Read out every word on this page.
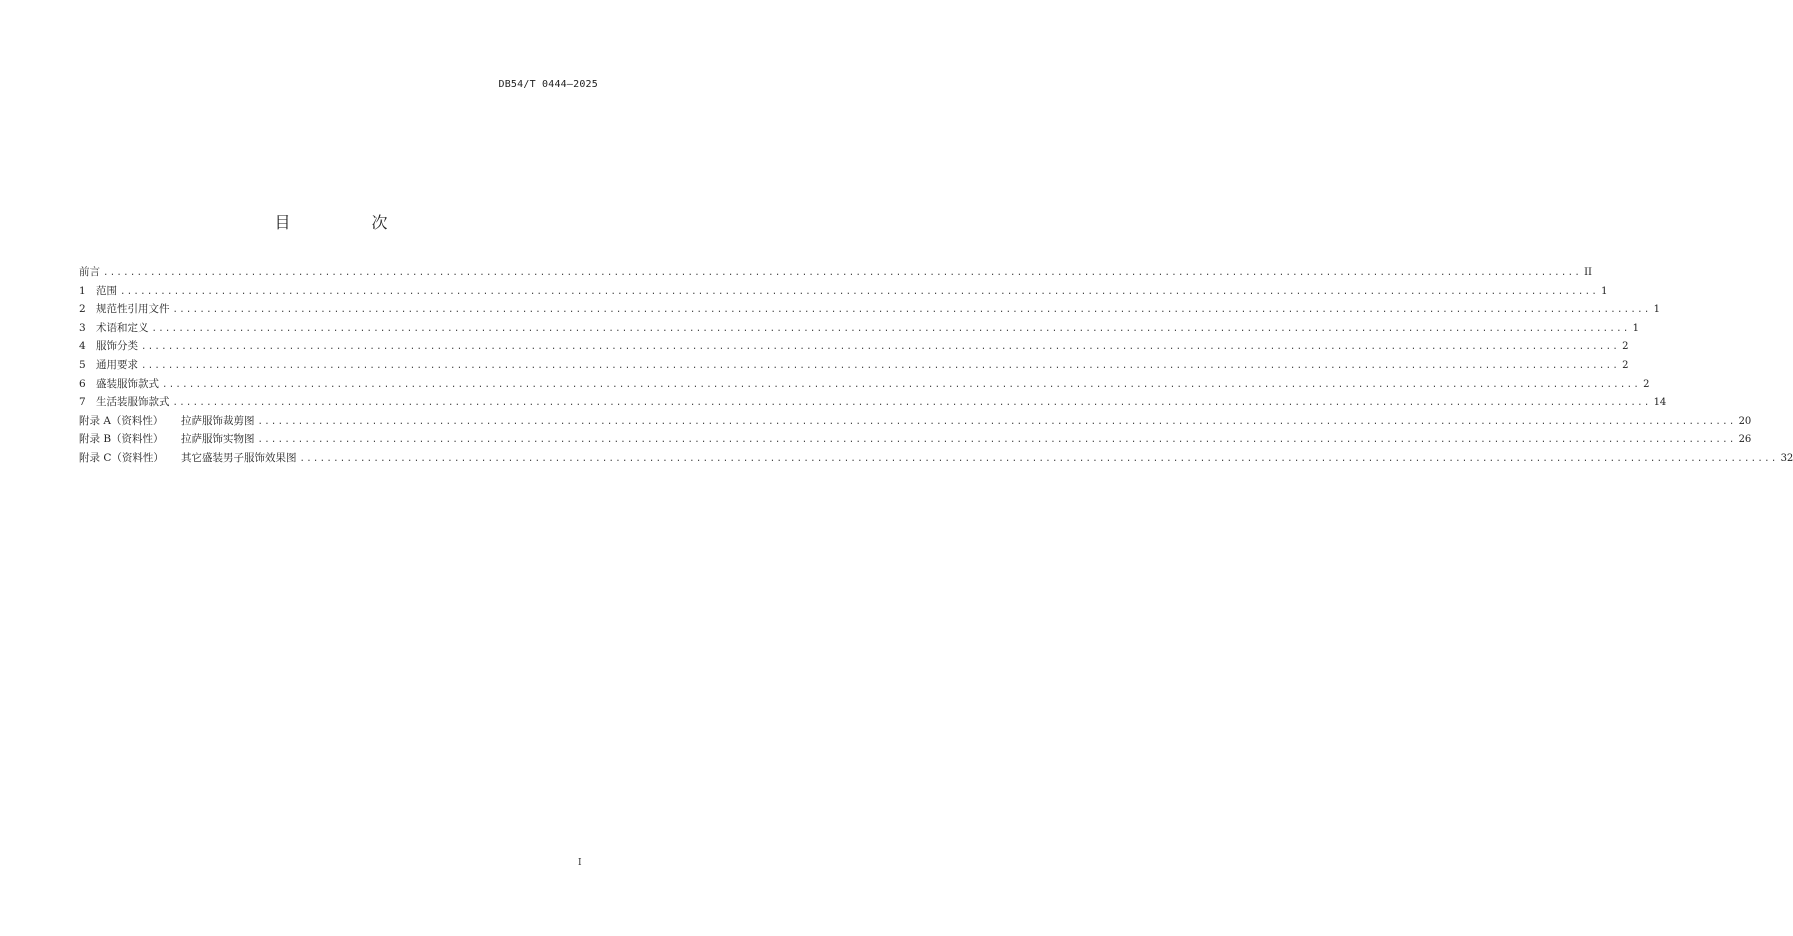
DB54/T 0444—2025
目 次
前言 ............................................................................................................................................................................................................................ II
1 范围 ............................................................................................................................................................................................................................ 1
2 规范性引用文件 ............................................................................................................................................................................................................................ 1
3 术语和定义 ............................................................................................................................................................................................................................ 1
4 服饰分类 ............................................................................................................................................................................................................................ 2
5 通用要求 ............................................................................................................................................................................................................................ 2
6 盛装服饰款式 ............................................................................................................................................................................................................................ 2
7 生活装服饰款式 ............................................................................................................................................................................................................................ 14
附录 A（资料性）	拉萨服饰裁剪图 ............................................................................................................................................................................................................................ 20
附录 B（资料性）	拉萨服饰实物图 ............................................................................................................................................................................................................................ 26
附录 C（资料性）	其它盛装男子服饰效果图 ............................................................................................................................................................................................................................ 32
I
